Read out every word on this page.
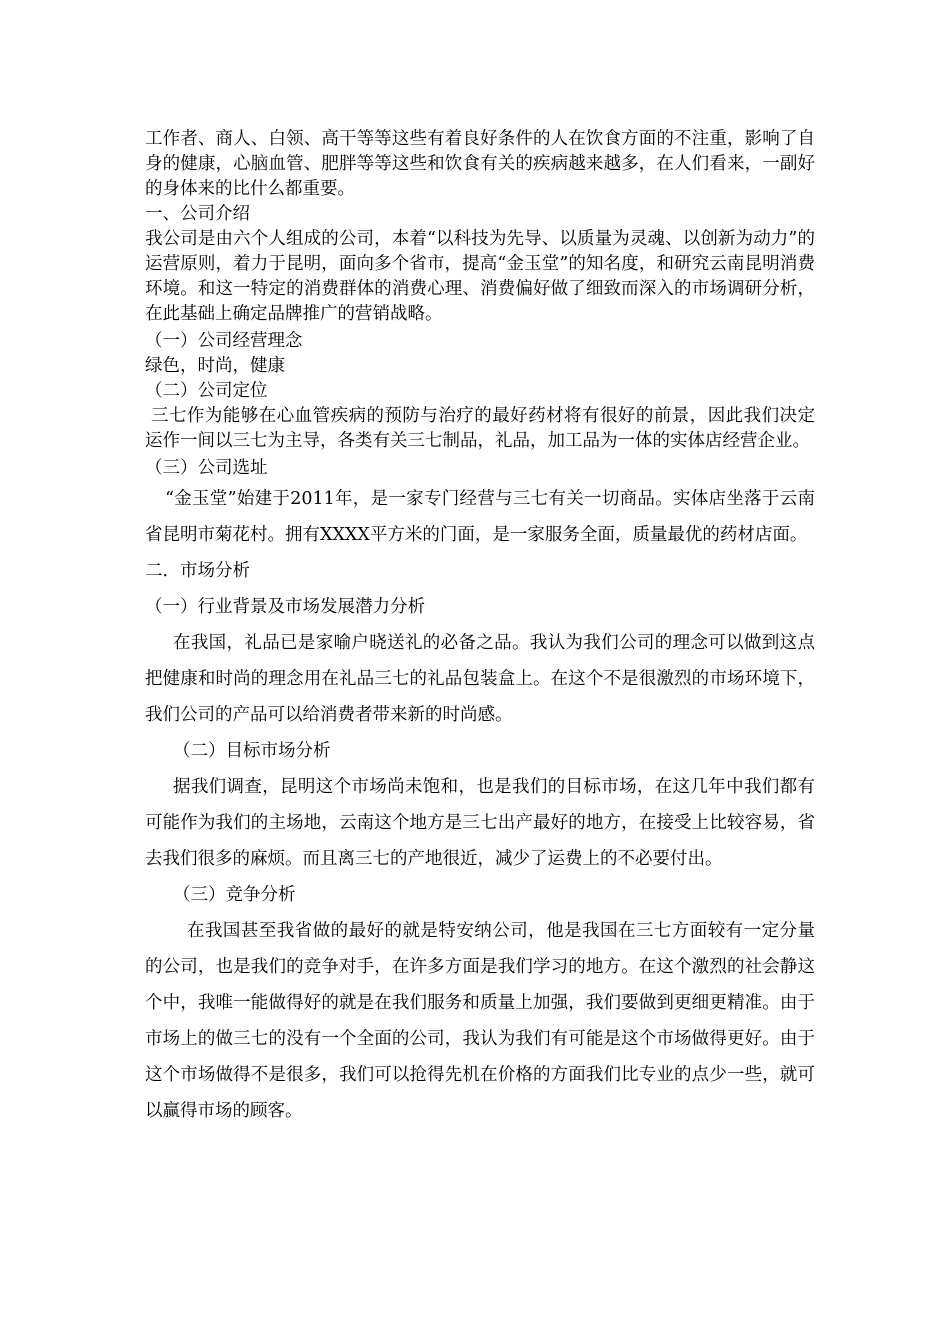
工作者、商人、白领、高干等等这些有着良好条件的人在饮食方面的不注重，影响了自身的健康，心脑血管、肥胖等等这些和饮食有关的疾病越来越多，在人们看来，一副好的身体来的比什么都重要。

一、公司介绍

我公司是由六个人组成的公司，本着“以科技为先导、以质量为灵魂、以创新为动力”的运营原则，着力于昆明，面向多个省市，提高“金玉堂”的知名度，和研究云南昆明消费环境。和这一特定的消费群体的消费心理、消费偏好做了细致而深入的市场调研分析，在此基础上确定品牌推广的营销战略。

（一）公司经营理念

绿色，时尚，健康

（二）公司定位

三七作为能够在心血管疾病的预防与治疗的最好药材将有很好的前景，因此我们决定运作一间以三七为主导，各类有关三七制品，礼品，加工品为一体的实体店经营企业。

（三）公司选址

“金玉堂”始建于2011年，是一家专门经营与三七有关一切商品。实体店坐落于云南省昆明市菊花村。拥有XXXX平方米的门面，是一家服务全面，质量最优的药材店面。

二．市场分析

（一）行业背景及市场发展潜力分析

在我国，礼品已是家喻户晓送礼的必备之品。我认为我们公司的理念可以做到这点把健康和时尚的理念用在礼品三七的礼品包装盒上。在这个不是很激烈的市场环境下，我们公司的产品可以给消费者带来新的时尚感。

（二）目标市场分析

据我们调查，昆明这个市场尚未饱和，也是我们的目标市场，在这几年中我们都有可能作为我们的主场地，云南这个地方是三七出产最好的地方，在接受上比较容易，省去我们很多的麻烦。而且离三七的产地很近，减少了运费上的不必要付出。

（三）竞争分析

在我国甚至我省做的最好的就是特安纳公司，他是我国在三七方面较有一定分量的公司，也是我们的竞争对手，在许多方面是我们学习的地方。在这个激烈的社会静这个中，我唯一能做得好的就是在我们服务和质量上加强，我们要做到更细更精准。由于市场上的做三七的没有一个全面的公司，我认为我们有可能是这个市场做得更好。由于这个市场做得不是很多，我们可以抢得先机在价格的方面我们比专业的点少一些，就可以赢得市场的顾客。
